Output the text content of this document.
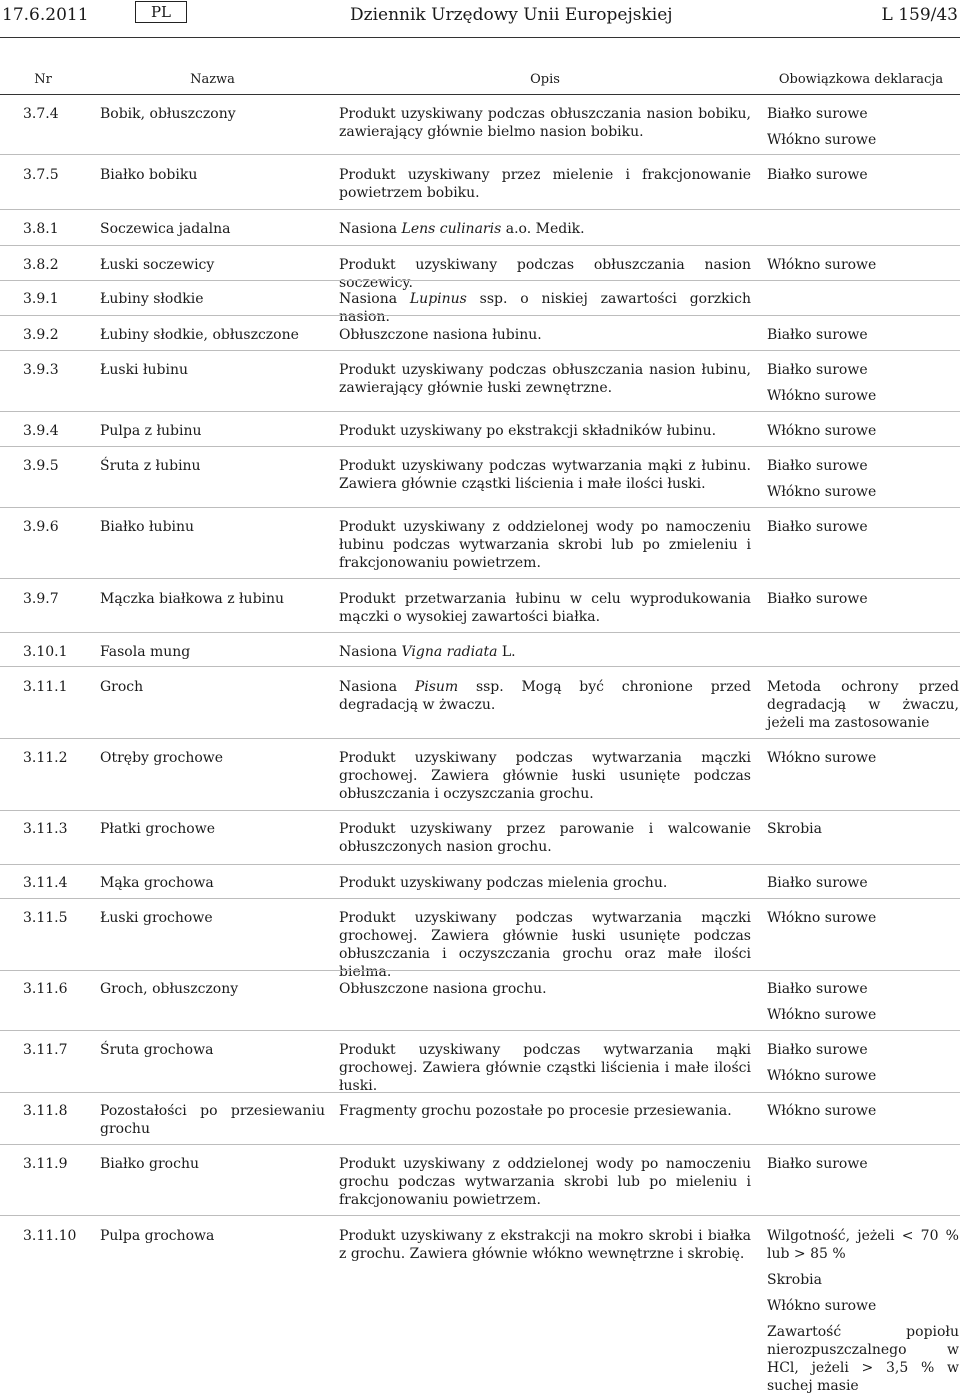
17.6.2011	PL	Dziennik Urzędowy Unii Europejskiej	L 159/43
Nr	Nazwa	Opis	Obowiązkowa deklaracja
3.7.4	Bobik, obłuszczony	Produkt uzyskiwany podczas obłuszczania nasion bobiku, zawierający głównie bielmo nasion bobiku.
Białko surowe
Włókno surowe
3.7.5	Białko bobiku	Produkt uzyskiwany przez mielenie i frakcjonowanie powietrzem bobiku.
Białko surowe
3.8.1	Soczewica jadalna	Nasiona Lens culinaris a.o. Medik.
3.8.2	Łuski soczewicy	Produkt uzyskiwany podczas obłuszczania nasion soczewicy.
Włókno surowe
3.9.1	Łubiny słodkie	Nasiona Lupinus ssp. o niskiej zawartości gorzkich nasion.
3.9.2	Łubiny słodkie, obłuszczone	Obłuszczone nasiona łubinu.	Białko surowe
3.9.3	Łuski łubinu	Produkt uzyskiwany podczas obłuszczania nasion łubinu, zawierający głównie łuski zewnętrzne.
Białko surowe
Włókno surowe
3.9.4	Pulpa z łubinu	Produkt uzyskiwany po ekstrakcji składników łubinu.	Włókno surowe
3.9.5	Śruta z łubinu	Produkt uzyskiwany podczas wytwarzania mąki z łubinu. Zawiera głównie cząstki liścienia i małe ilości łuski.
Białko surowe
Włókno surowe
3.9.6	Białko łubinu	Produkt uzyskiwany z oddzielonej wody po namoczeniu łubinu podczas wytwarzania skrobi lub po zmieleniu i frakcjonowaniu powietrzem.
Białko surowe
3.9.7	Mączka białkowa z łubinu	Produkt przetwarzania łubinu w celu wyprodukowania mączki o wysokiej zawartości białka.
Białko surowe
3.10.1 Fasola mung	Nasiona Vigna radiata L.
3.11.1 Groch	Nasiona Pisum ssp. Mogą być chronione przed degradacją w żwaczu.
Metoda ochrony przed degradacją w żwaczu, jeżeli ma zastosowanie
3.11.2 Otręby grochowe	Produkt uzyskiwany podczas wytwarzania mączki grochowej. Zawiera głównie łuski usunięte podczas obłuszczania i oczyszczania grochu.
Włókno surowe
3.11.3 Płatki grochowe	Produkt uzyskiwany przez parowanie i walcowanie obłuszczonych nasion grochu.
Skrobia
3.11.4 Mąka grochowa	Produkt uzyskiwany podczas mielenia grochu.	Białko surowe
3.11.5 Łuski grochowe	Produkt uzyskiwany podczas wytwarzania mączki grochowej. Zawiera głównie łuski usunięte podczas obłuszczania i oczyszczania grochu oraz małe ilości bielma.
Włókno surowe
3.11.6 Groch, obłuszczony	Obłuszczone nasiona grochu.	Białko surowe
Włókno surowe
3.11.7 Śruta grochowa	Produkt uzyskiwany podczas wytwarzania mąki grochowej. Zawiera głównie cząstki liścienia i małe ilości łuski.
Białko surowe
Włókno surowe
3.11.8 Pozostałości po przesiewaniu grochu
Fragmenty grochu pozostałe po procesie przesiewania.	Włókno surowe
3.11.9 Białko grochu	Produkt uzyskiwany z oddzielonej wody po namoczeniu grochu podczas wytwarzania skrobi lub po mieleniu i frakcjonowaniu powietrzem.
Białko surowe
3.11.10 Pulpa grochowa	Produkt uzyskiwany z ekstrakcji na mokro skrobi i białka z grochu. Zawiera głównie włókno wewnętrzne i skrobię.
Wilgotność, jeżeli < 70 % lub > 85 %
Skrobia
Włókno surowe
Zawartość popiołu nierozpuszczalnego w HCl, jeżeli > 3,5 % w suchej masie
